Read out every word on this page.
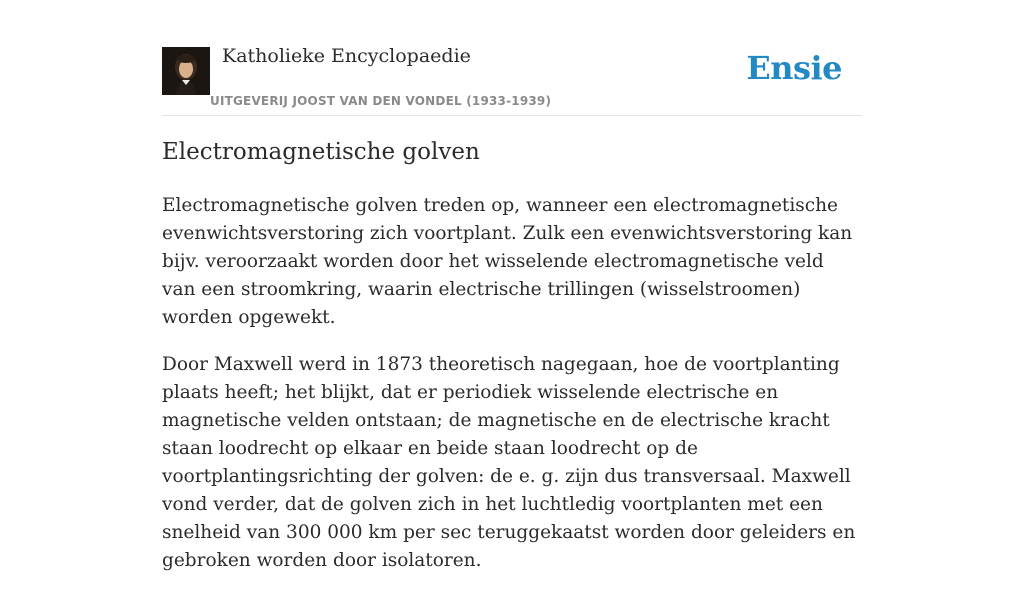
Katholieke Encyclopaedie
UITGEVERIJ JOOST VAN DEN VONDEL (1933-1939)
Ensie
Electromagnetische golven

Electromagnetische golven treden op, wanneer een electromagnetische evenwichtsverstoring zich voortplant. Zulk een evenwichtsverstoring kan bijv. veroorzaakt worden door het wisselende electromagnetische veld van een stroomkring, waarin electrische trillingen (wisselstroomen) worden opgewekt.

Door Maxwell werd in 1873 theoretisch nagegaan, hoe de voortplanting plaats heeft; het blijkt, dat er periodiek wisselende electrische en magnetische velden ontstaan; de magnetische en de electrische kracht staan loodrecht op elkaar en beide staan loodrecht op de voortplantingsrichting der golven: de e. g. zijn dus transversaal. Maxwell vond verder, dat de golven zich in het luchtledig voortplanten met een snelheid van 300 000 km per sec teruggekaatst worden door geleiders en gebroken worden door isolatoren.
